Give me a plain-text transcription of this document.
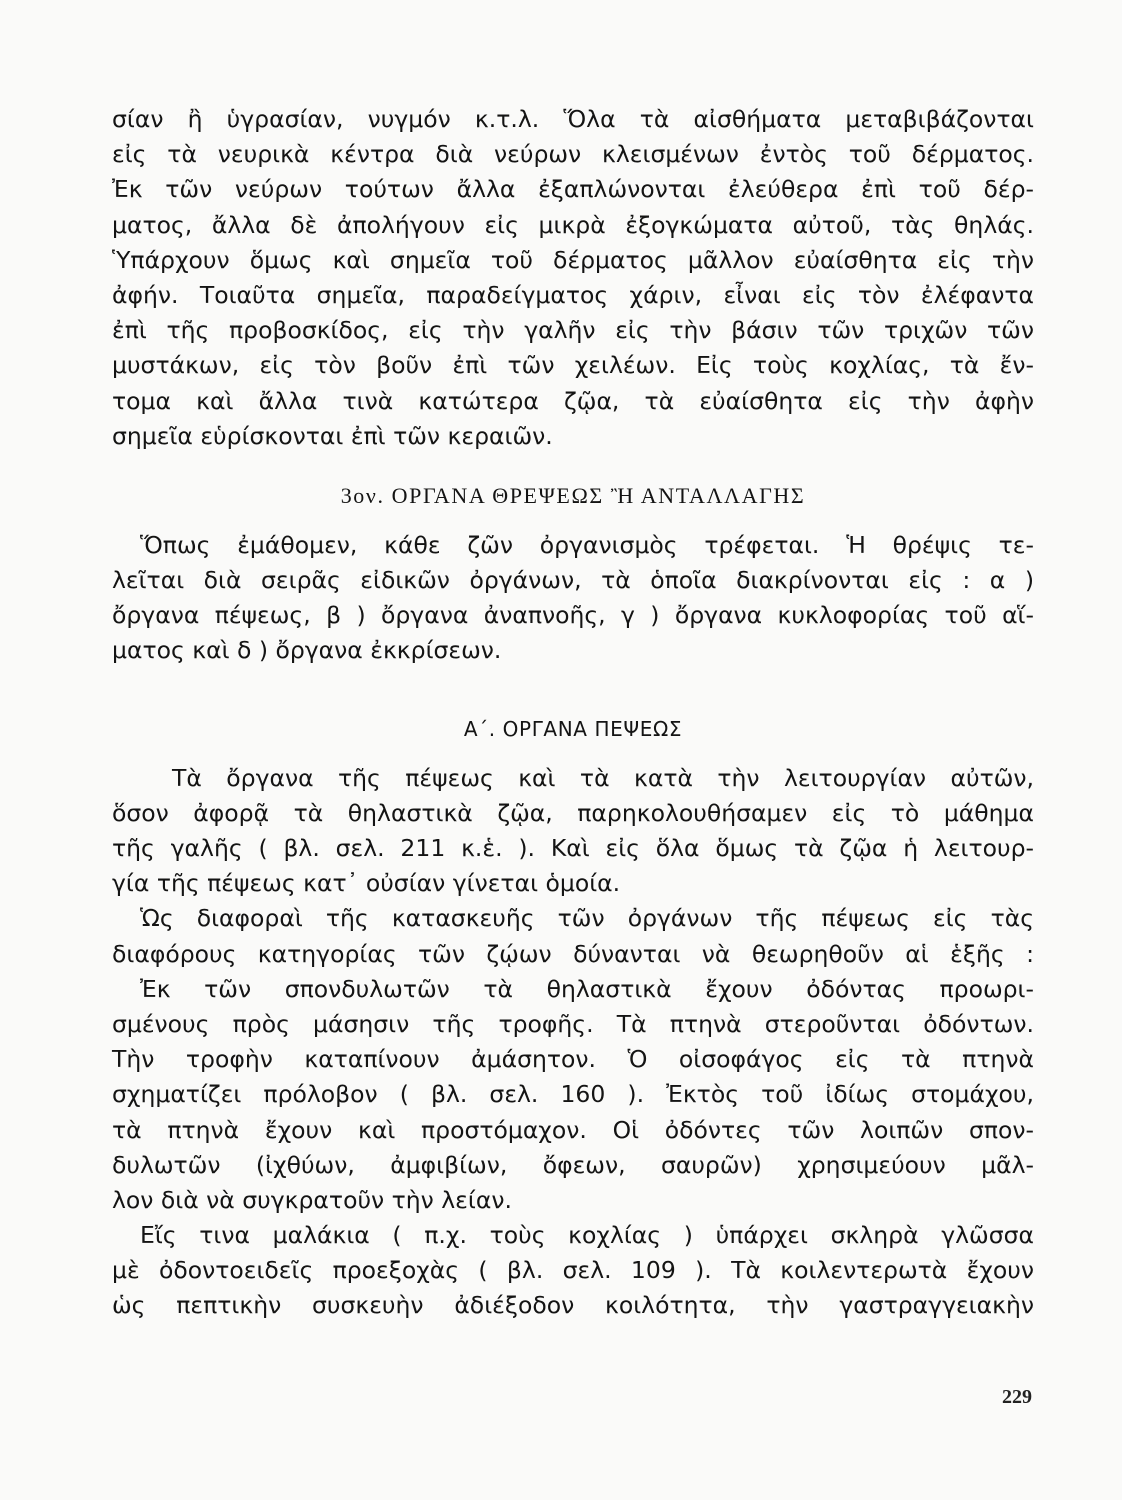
σίαν ἢ ὑγρασίαν, νυγμόν κ.τ.λ. Ὅλα τὰ αἰσθήματα μεταβιβάζονται
εἰς τὰ νευρικὰ κέντρα διὰ νεύρων κλεισμένων ἐντὸς τοῦ δέρματος.
Ἐκ τῶν νεύρων τούτων ἄλλα ἐξαπλώνονται ἐλεύθερα ἐπὶ τοῦ δέρ-
ματος, ἄλλα δὲ ἀπολήγουν εἰς μικρὰ ἐξογκώματα αὐτοῦ, τὰς θηλάς.
Ὑπάρχουν ὅμως καὶ σημεῖα τοῦ δέρματος μᾶλλον εὐαίσθητα εἰς τὴν
ἀφήν. Τοιαῦτα σημεῖα, παραδείγματος χάριν, εἶναι εἰς τὸν ἐλέφαντα
ἐπὶ τῆς προβοσκίδος, εἰς τὴν γαλῆν εἰς τὴν βάσιν τῶν τριχῶν τῶν
μυστάκων, εἰς τὸν βοῦν ἐπὶ τῶν χειλέων. Εἰς τοὺς κοχλίας, τὰ ἔν-
τομα καὶ ἄλλα τινὰ κατώτερα ζῷα, τὰ εὐαίσθητα εἰς τὴν ἀφὴν
σημεῖα εὑρίσκονται ἐπὶ τῶν κεραιῶν.
3ον. ΟΡΓΑΝΑ ΘΡΕΨΕΩΣ Ἢ ΑΝΤΑΛΛΑΓΗΣ
Ὅπως ἐμάθομεν, κάθε ζῶν ὀργανισμὸς τρέφεται. Ἡ θρέψις τε-
λεῖται διὰ σειρᾶς εἰδικῶν ὀργάνων, τὰ ὁποῖα διακρίνονται εἰς : α )
ὄργανα πέψεως, β ) ὄργανα ἀναπνοῆς, γ ) ὄργανα κυκλοφορίας τοῦ αἵ-
ματος καὶ δ ) ὄργανα ἐκκρίσεων.
Α΄. ΟΡΓΑΝΑ ΠΕΨΕΩΣ
Τὰ ὄργανα τῆς πέψεως καὶ τὰ κατὰ τὴν λειτουργίαν αὐτῶν,
ὅσον ἀφορᾷ τὰ θηλαστικὰ ζῷα, παρηκολουθήσαμεν εἰς τὸ μάθημα
τῆς γαλῆς ( βλ. σελ. 211 κ.ἑ. ). Καὶ εἰς ὅλα ὅμως τὰ ζῷα ἡ λειτουρ-
γία τῆς πέψεως κατ᾽ οὐσίαν γίνεται ὁμοία.
Ὡς διαφοραὶ τῆς κατασκευῆς τῶν ὀργάνων τῆς πέψεως εἰς τὰς
διαφόρους κατηγορίας τῶν ζῴων δύνανται νὰ θεωρηθοῦν αἱ ἑξῆς :
Ἐκ τῶν σπονδυλωτῶν τὰ θηλαστικὰ ἔχουν ὀδόντας προωρι-
σμένους πρὸς μάσησιν τῆς τροφῆς. Τὰ πτηνὰ στεροῦνται ὀδόντων.
Τὴν τροφὴν καταπίνουν ἀμάσητον. Ὁ οἰσοφάγος εἰς τὰ πτηνὰ
σχηματίζει πρόλοβον ( βλ. σελ. 160 ). Ἐκτὸς τοῦ ἰδίως στομάχου,
τὰ πτηνὰ ἔχουν καὶ προστόμαχον. Οἱ ὀδόντες τῶν λοιπῶν σπον-
δυλωτῶν (ἰχθύων, ἀμφιβίων, ὄφεων, σαυρῶν) χρησιμεύουν μᾶλ-
λον διὰ νὰ συγκρατοῦν τὴν λείαν.
Εἴς τινα μαλάκια ( π.χ. τοὺς κοχλίας ) ὑπάρχει σκληρὰ γλῶσσα
μὲ ὀδοντοειδεῖς προεξοχὰς ( βλ. σελ. 109 ). Τὰ κοιλεντερωτὰ ἔχουν
ὡς πεπτικὴν συσκευὴν ἀδιέξοδον κοιλότητα, τὴν γαστραγγειακὴν
229
